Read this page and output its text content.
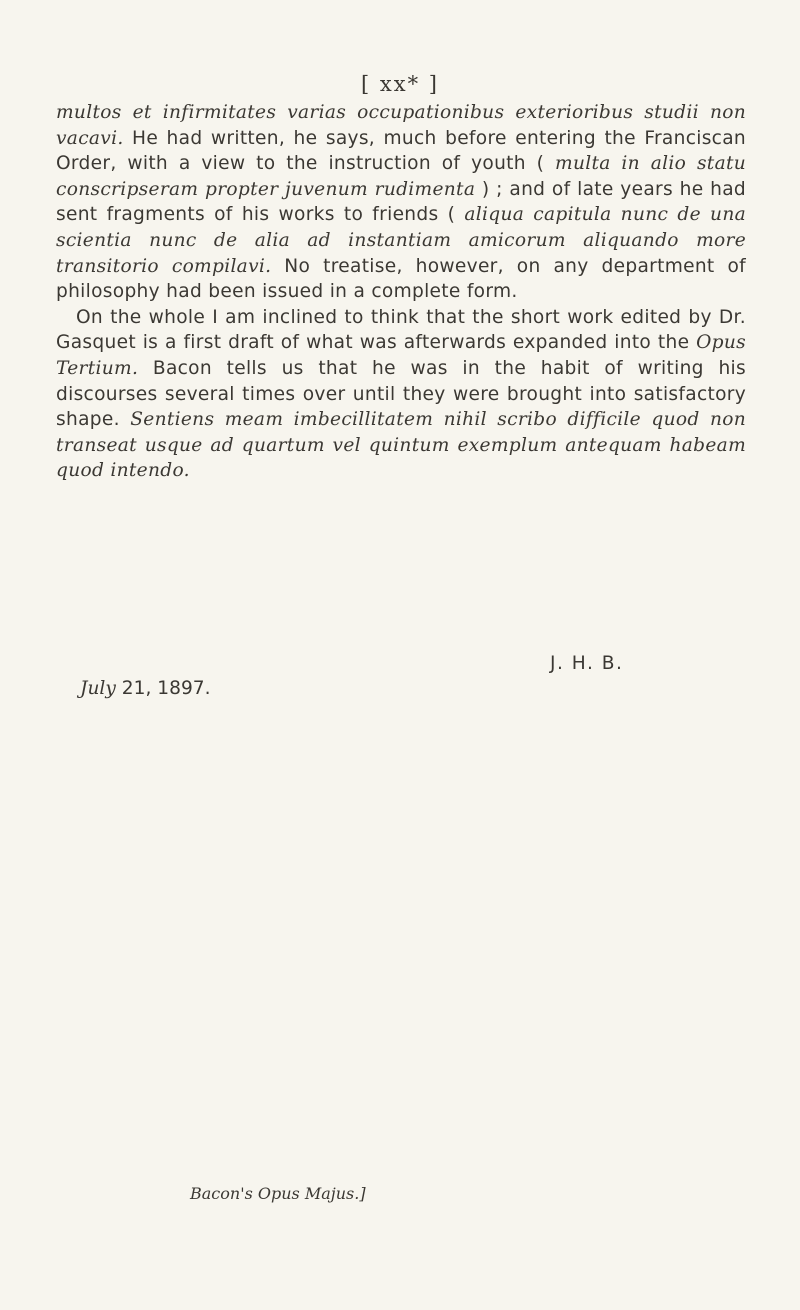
[ xx* ]

multos et infirmitates varias occupationibus exterioribus studii non vacavi. He had written, he says, much before entering the Franciscan Order, with a view to the instruction of youth ( multa in alio statu conscripseram propter juvenum rudimenta ) ; and of late years he had sent fragments of his works to friends ( aliqua capitula nunc de una scientia nunc de alia ad instantiam amicorum aliquando more transitorio compilavi. No treatise, however, on any department of philosophy had been issued in a complete form.

On the whole I am inclined to think that the short work edited by Dr. Gasquet is a first draft of what was afterwards expanded into the Opus Tertium. Bacon tells us that he was in the habit of writing his discourses several times over until they were brought into satisfactory shape. Sentiens meam imbecillitatem nihil scribo difficile quod non transeat usque ad quartum vel quintum exemplum antequam habeam quod intendo.

J. H. B.
July 21, 1897.
Bacon's Opus Majus.]
